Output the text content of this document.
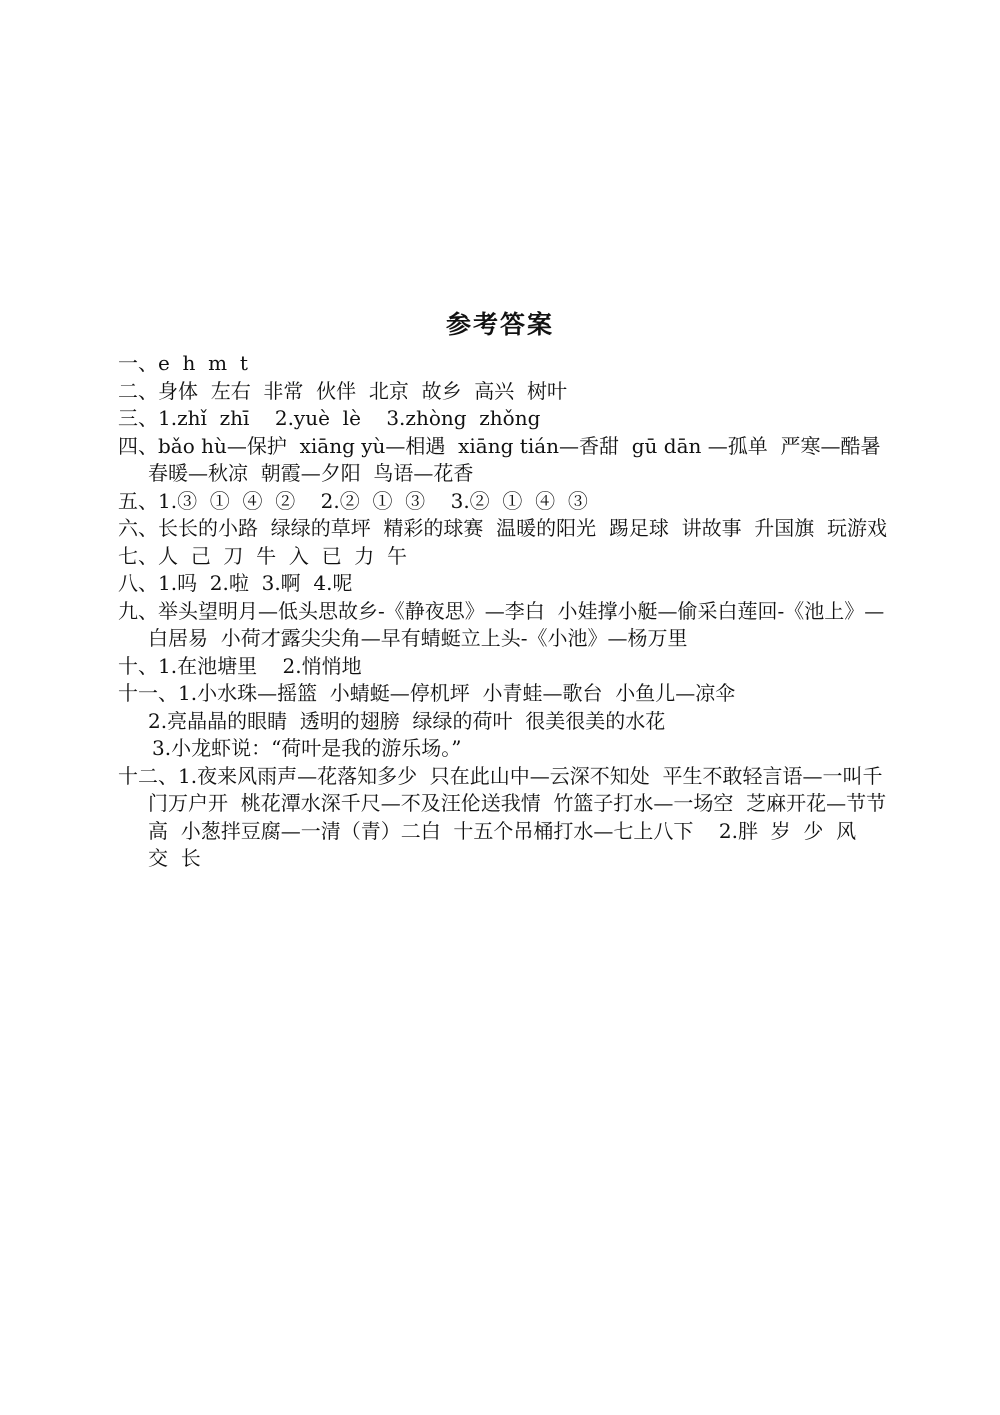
参考答案

一、e  h  m  t

二、身体  左右  非常  伙伴  北京  故乡  高兴  树叶

三、1.zhǐ  zhī    2.yuè  lè    3.zhòng  zhǒng

四、bǎo hù—保护  xiāng yù—相遇  xiāng tián—香甜  gū dān —孤单  严寒—酷暑  春暖—秋凉  朝霞—夕阳  鸟语—花香

五、1.③  ①  ④  ②    2.②  ①  ③    3.②  ①  ④  ③

六、长长的小路  绿绿的草坪  精彩的球赛  温暖的阳光  踢足球  讲故事  升国旗  玩游戏

七、人  己  刀  牛  入  已  力  午

八、1.吗  2.啦  3.啊  4.呢

九、举头望明月—低头思故乡-《静夜思》—李白  小娃撑小艇—偷采白莲回-《池上》—白居易  小荷才露尖尖角—早有蜻蜓立上头-《小池》—杨万里

十、1.在池塘里    2.悄悄地

十一、1.小水珠—摇篮  小蜻蜓—停机坪  小青蛙—歌台  小鱼儿—凉伞

2.亮晶晶的眼睛  透明的翅膀  绿绿的荷叶  很美很美的水花

3.小龙虾说：“荷叶是我的游乐场。”

十二、1.夜来风雨声—花落知多少  只在此山中—云深不知处  平生不敢轻言语—一叫千门万户开  桃花潭水深千尺—不及汪伦送我情  竹篮子打水—一场空  芝麻开花—节节高  小葱拌豆腐—一清（青）二白  十五个吊桶打水—七上八下    2.胖  岁  少  风  交  长
